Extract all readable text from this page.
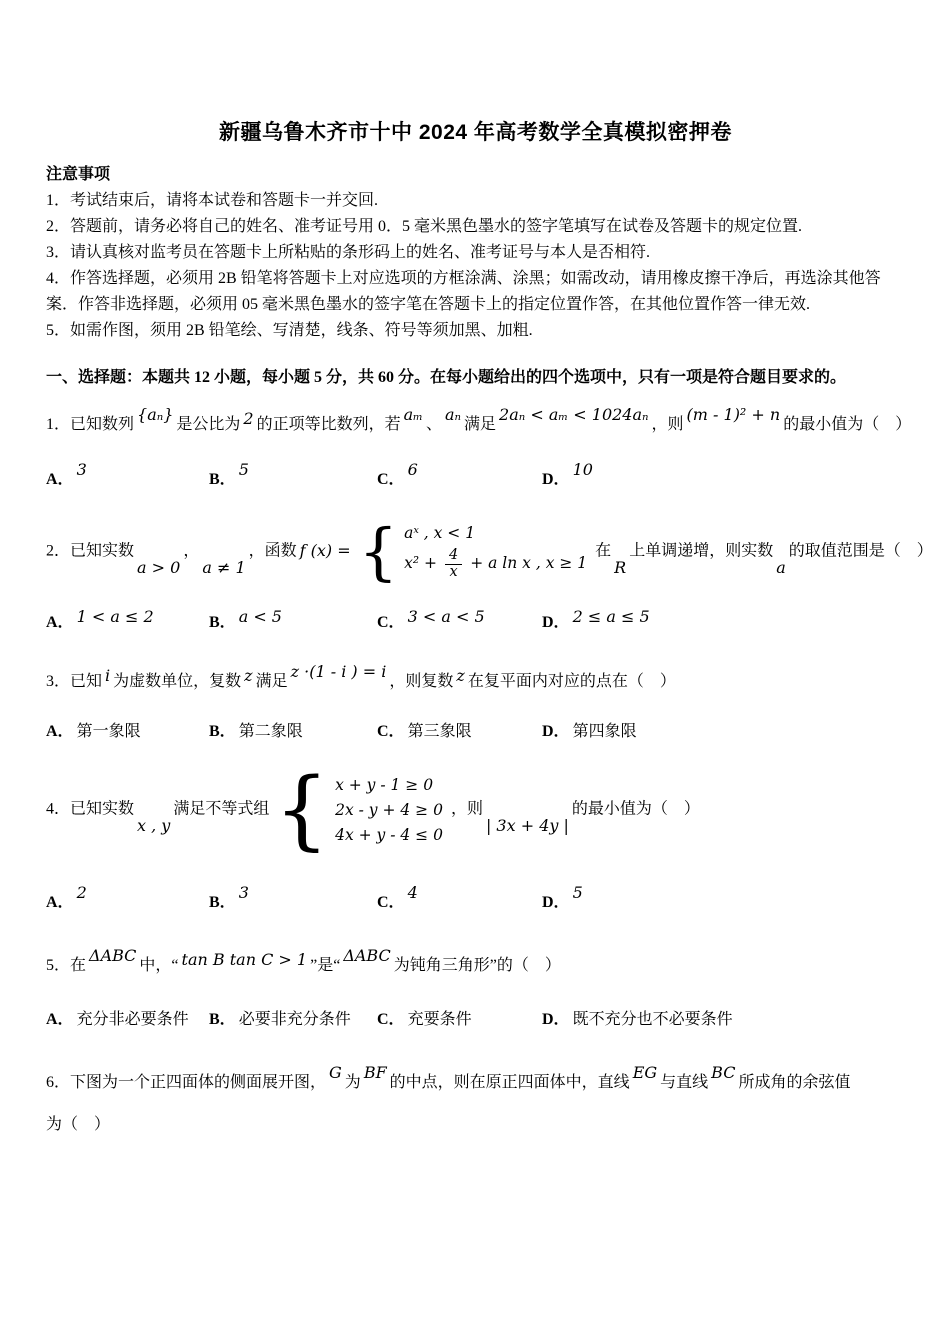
新疆乌鲁木齐市十中 2024 年高考数学全真模拟密押卷
注意事项
1．考试结束后，请将本试卷和答题卡一并交回.
2．答题前，请务必将自己的姓名、准考证号用 0．5 毫米黑色墨水的签字笔填写在试卷及答题卡的规定位置.
3．请认真核对监考员在答题卡上所粘贴的条形码上的姓名、准考证号与本人是否相符.
4．作答选择题，必须用 2B 铅笔将答题卡上对应选项的方框涂满、涂黑；如需改动，请用橡皮擦干净后，再选涂其他答案．作答非选择题，必须用 05 毫米黑色墨水的签字笔在答题卡上的指定位置作答，在其他位置作答一律无效.
5．如需作图，须用 2B 铅笔绘、写清楚，线条、符号等须加黑、加粗.
一、选择题：本题共 12 小题，每小题 5 分，共 60 分。在每小题给出的四个选项中，只有一项是符合题目要求的。

1．已知数列{aₙ}是公比为 2 的正项等比数列，若aₘ、aₙ满足2aₙ < aₘ < 1024aₙ，则(m - 1)² + n的最小值为（　）

A．3
B．5
C．6
D．10

2．已知实数a > 0，a ≠ 1，函数 f (x) = { aˣ , x < 1
$x^2 + \frac{4}{x} + a$ ln x , x ≥ 1
在R上单调递增，则实数a的取值范围是（　）

A． 1 < a ≤ 2	B． a < 5	C． 3 < a < 5	D． 2 ≤ a ≤ 5

3．已知 i 为虚数单位，复数 z 满足z ·(1 - i ) = i，则复数 z 在复平面内对应的点在（　）

A． 第一象限	B． 第二象限	C． 第三象限	D． 第四象限

4．已知实数x , y满足不等式组 { x + y - 1 ≥ 0
2x - y + 4 ≥ 0
4x + y - 4 ≤ 0
，则| 3x + 4y |的最小值为（　）

A．2
B．3
C．4
D．5

5．在ΔABC中，“ tan B tan C > 1 ”是“ΔABC为钝角三角形”的（　）

A． 充分非必要条件	B． 必要非充分条件	C． 充要条件	D． 既不充分也不必要条件

6．下图为一个正四面体的侧面展开图，G为BF的中点，则在原正四面体中，直线EG与直线BC所成角的余弦值

为（　）
